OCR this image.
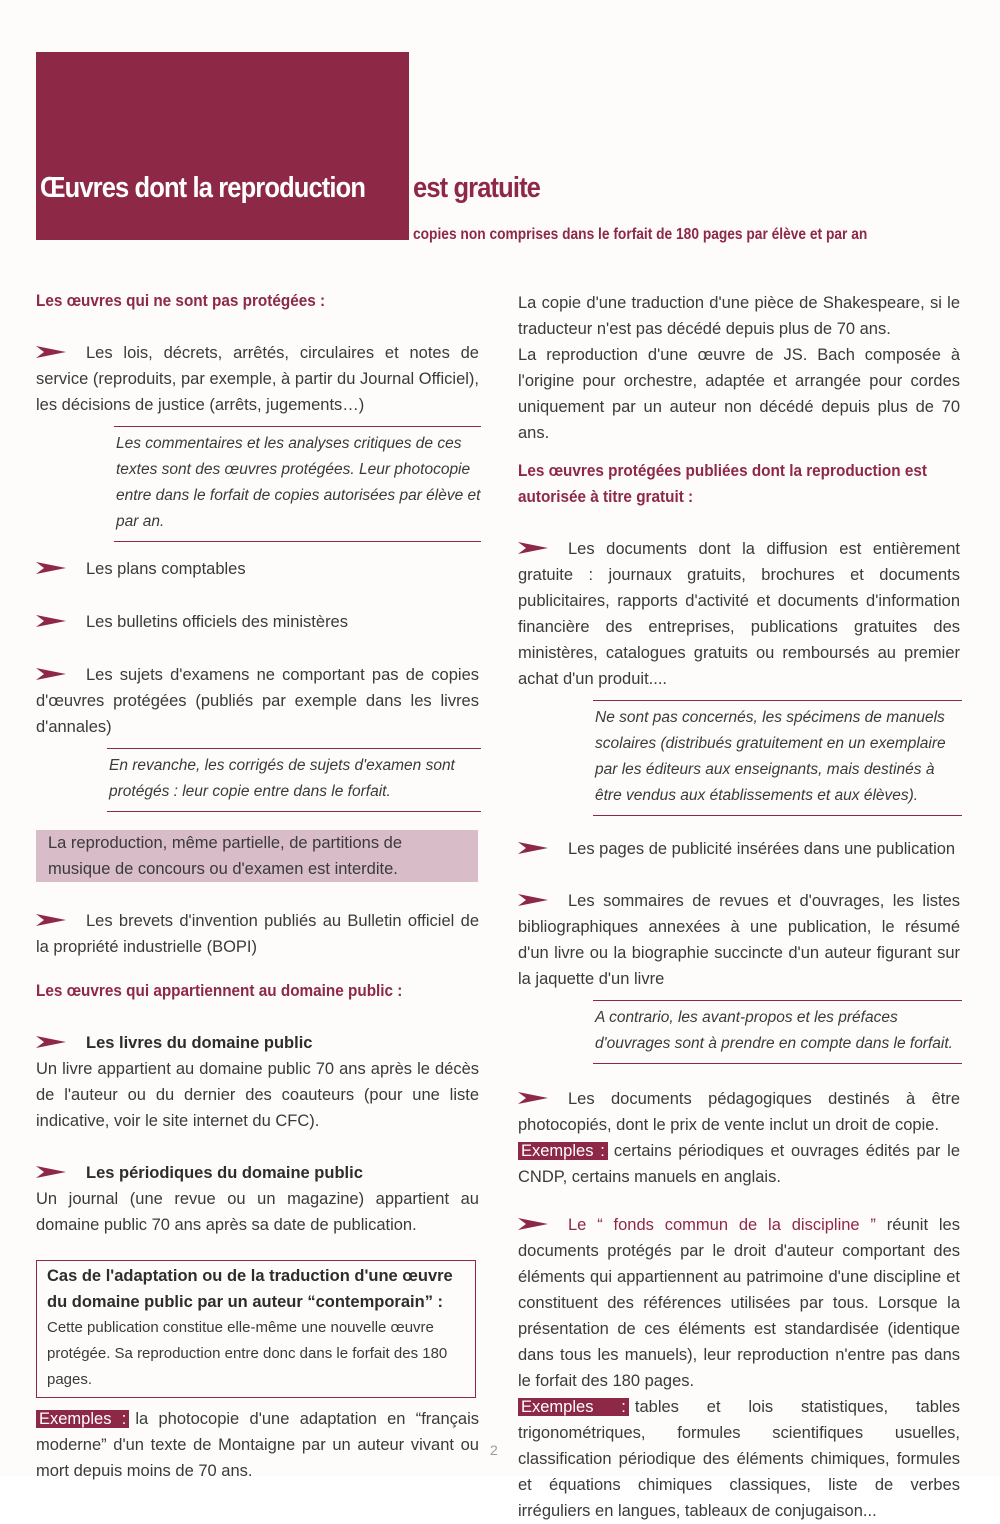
Œuvres dont la reproduction est gratuite
copies non comprises dans le forfait de 180 pages par élève et par an
Les œuvres qui ne sont pas protégées :

Les lois, décrets, arrêtés, circulaires et notes de service (reproduits, par exemple, à partir du Journal Officiel), les décisions de justice (arrêts, jugements…)

Les commentaires et les analyses critiques de ces textes sont des œuvres protégées. Leur photocopie entre dans le forfait de copies autorisées par élève et par an.

Les plans comptables

Les bulletins officiels des ministères

Les sujets d'examens ne comportant pas de copies d'œuvres protégées (publiés par exemple dans les livres d'annales)

En revanche, les corrigés de sujets d'examen sont protégés : leur copie entre dans le forfait.
La reproduction, même partielle, de partitions de musique de concours ou d'examen est interdite.

Les brevets d'invention publiés au Bulletin officiel de la propriété industrielle (BOPI)

Les œuvres qui appartiennent au domaine public :

Les livres du domaine public

Un livre appartient au domaine public 70 ans après le décès de l'auteur ou du dernier des coauteurs (pour une liste indicative, voir le site internet du CFC).

Les périodiques du domaine public

Un journal (une revue ou un magazine) appartient au domaine public 70 ans après sa date de publication.

Cas de l'adaptation ou de la traduction d'une œuvre du domaine public par un auteur “contemporain” :
Cette publication constitue elle-même une nouvelle œuvre protégée. Sa reproduction entre donc dans le forfait des 180 pages.

Exemples : la photocopie d'une adaptation en “français moderne” d'un texte de Montaigne par un auteur vivant ou mort depuis moins de 70 ans.

La copie d'une traduction d'une pièce de Shakespeare, si le traducteur n'est pas décédé depuis plus de 70 ans.

La reproduction d'une œuvre de JS. Bach composée à l'origine pour orchestre, adaptée et arrangée pour cordes uniquement par un auteur non décédé depuis plus de 70 ans.

Les œuvres protégées publiées dont la reproduction est autorisée à titre gratuit :

Les documents dont la diffusion est entièrement gratuite : journaux gratuits, brochures et documents publicitaires, rapports d'activité et documents d'information financière des entreprises, publications gratuites des ministères, catalogues gratuits ou remboursés au premier achat d'un produit....

Ne sont pas concernés, les spécimens de manuels scolaires (distribués gratuitement en un exemplaire par les éditeurs aux enseignants, mais destinés à être vendus aux établissements et aux élèves).

Les pages de publicité insérées dans une publication

Les sommaires de revues et d'ouvrages, les listes bibliographiques annexées à une publication, le résumé d'un livre ou la biographie succincte d'un auteur figurant sur la jaquette d'un livre

A contrario, les avant-propos et les préfaces d'ouvrages sont à prendre en compte dans le forfait.

Les documents pédagogiques destinés à être photocopiés, dont le prix de vente inclut un droit de copie.

Exemples : certains périodiques et ouvrages édités par le CNDP, certains manuels en anglais.

Le “ fonds commun de la discipline ” réunit les documents protégés par le droit d'auteur comportant des éléments qui appartiennent au patrimoine d'une discipline et constituent des références utilisées par tous. Lorsque la présentation de ces éléments est standardisée (identique dans tous les manuels), leur reproduction n'entre pas dans le forfait des 180 pages.

Exemples : tables et lois statistiques, tables trigonométriques, formules scientifiques usuelles, classification périodique des éléments chimiques, formules et équations chimiques classiques, liste de verbes irréguliers en langues, tableaux de conjugaison...

2
